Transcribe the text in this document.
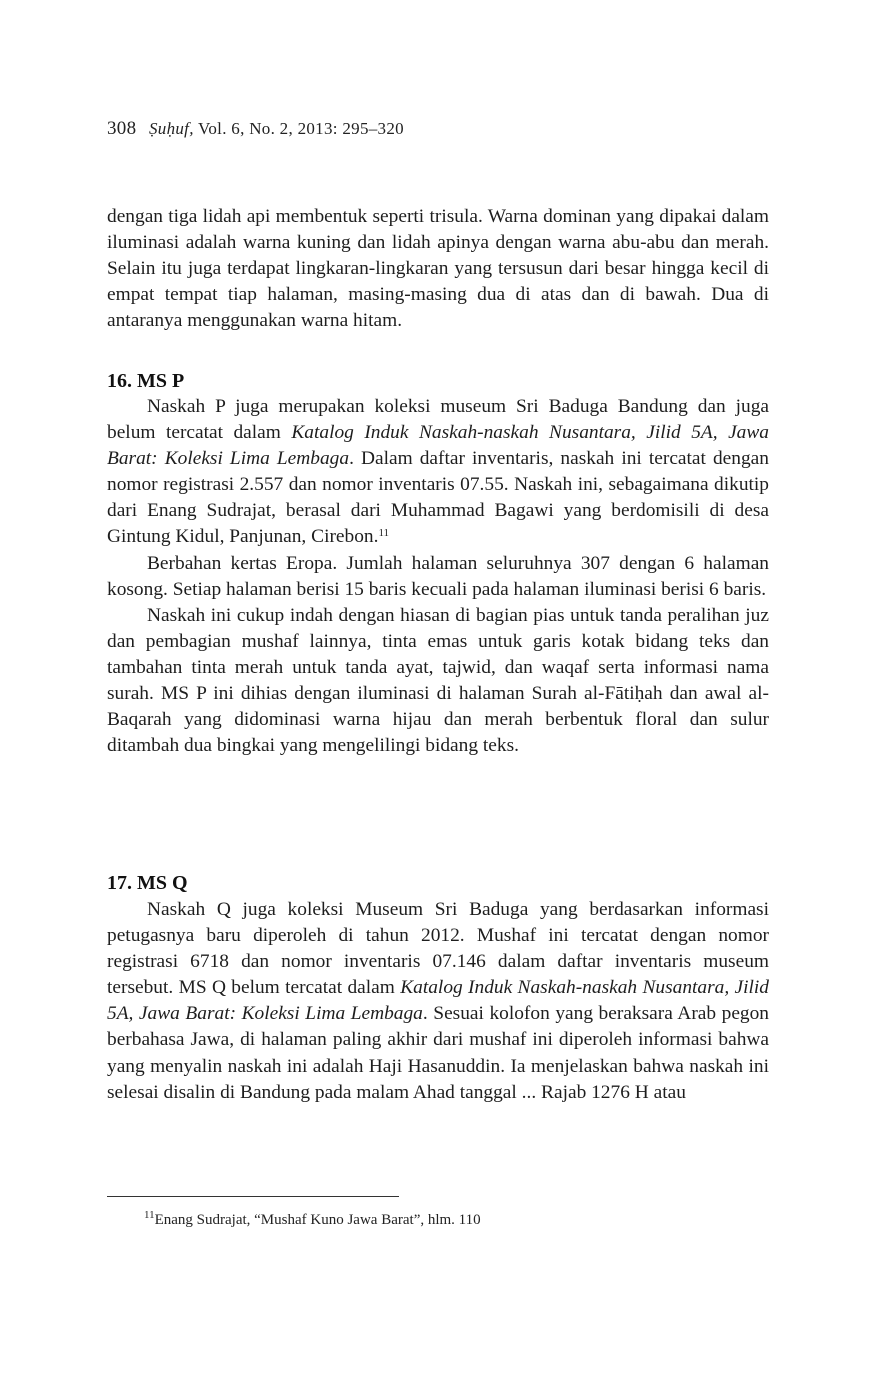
308 Ṣuḥuf, Vol. 6, No. 2, 2013: 295–320

dengan tiga lidah api membentuk seperti trisula. Warna dominan yang dipakai dalam iluminasi adalah warna kuning dan lidah apinya dengan warna abu-abu dan merah. Selain itu juga terdapat lingkaran-lingkaran yang tersusun dari besar hingga kecil di empat tempat tiap halaman, masing-masing dua di atas dan di bawah. Dua di antaranya menggunakan warna hitam.

16. MS P

Naskah P juga merupakan koleksi museum Sri Baduga Bandung dan juga belum tercatat dalam Katalog Induk Naskah-naskah Nusantara, Jilid 5A, Jawa Barat: Koleksi Lima Lembaga. Dalam daftar inventaris, naskah ini tercatat dengan nomor registrasi 2.557 dan nomor inventaris 07.55. Naskah ini, sebagaimana dikutip dari Enang Sudrajat, berasal dari Muhammad Bagawi yang berdomisili di desa Gintung Kidul, Panjunan, Cirebon.$^{11}$

Berbahan kertas Eropa. Jumlah halaman seluruhnya 307 dengan 6 halaman kosong. Setiap halaman berisi 15 baris kecuali pada halaman iluminasi berisi 6 baris.

Naskah ini cukup indah dengan hiasan di bagian pias untuk tanda peralihan juz dan pembagian mushaf lainnya, tinta emas untuk garis kotak bidang teks dan tambahan tinta merah untuk tanda ayat, tajwid, dan waqaf serta informasi nama surah. MS P ini dihias dengan iluminasi di halaman Surah al-Fātiḥah dan awal al-Baqarah yang didominasi warna hijau dan merah berbentuk floral dan sulur ditambah dua bingkai yang mengelilingi bidang teks.

17. MS Q

Naskah Q juga koleksi Museum Sri Baduga yang berdasarkan informasi petugasnya baru diperoleh di tahun 2012. Mushaf ini tercatat dengan nomor registrasi 6718 dan nomor inventaris 07.146 dalam daftar inventaris museum tersebut. MS Q belum tercatat dalam Katalog Induk Naskah-naskah Nusantara, Jilid 5A, Jawa Barat: Koleksi Lima Lembaga. Sesuai kolofon yang beraksara Arab pegon berbahasa Jawa, di halaman paling akhir dari mushaf ini diperoleh informasi bahwa yang menyalin naskah ini adalah Haji Hasanuddin. Ia menjelaskan bahwa naskah ini selesai disalin di Bandung pada malam Ahad tanggal ... Rajab 1276 H atau

$^{11}$Enang Sudrajat, “Mushaf Kuno Jawa Barat”, hlm. 110
